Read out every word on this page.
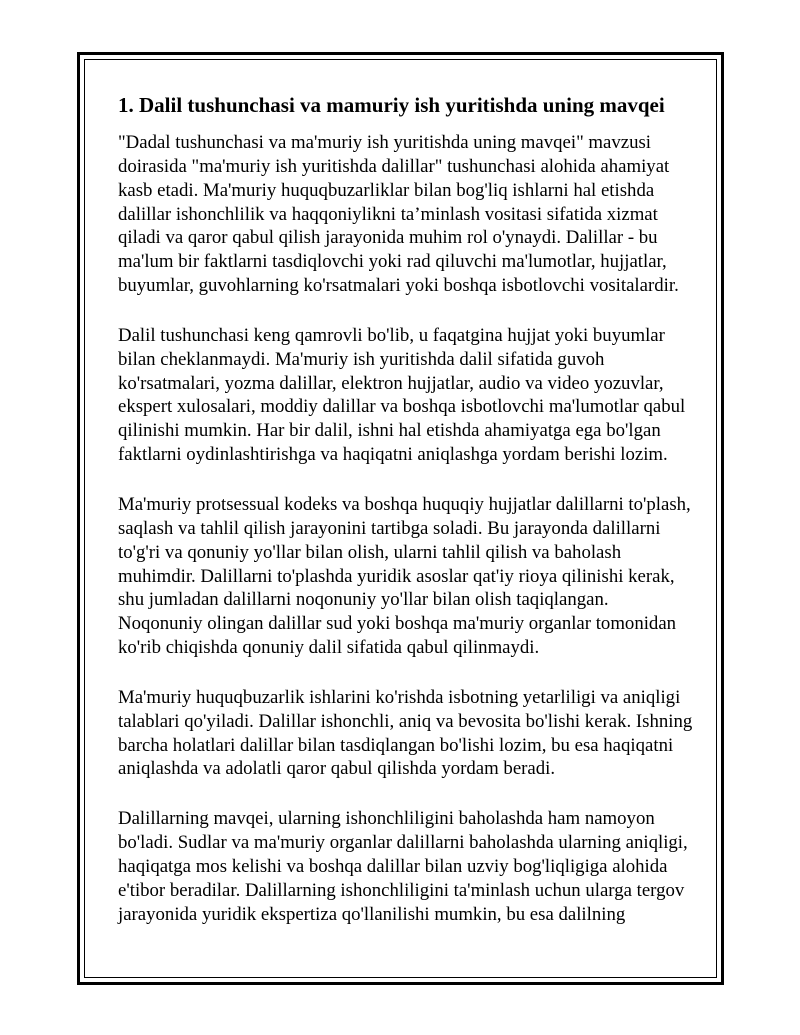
1. Dalil tushunchasi va mamuriy ish yuritishda uning mavqei
"Dadal tushunchasi va ma'muriy ish yuritishda uning mavqei" mavzusi
doirasida "ma'muriy ish yuritishda dalillar" tushunchasi alohida ahamiyat
kasb etadi. Ma'muriy huquqbuzarliklar bilan bog'liq ishlarni hal etishda
dalillar ishonchlilik va haqqoniylikni ta’minlash vositasi sifatida xizmat
qiladi va qaror qabul qilish jarayonida muhim rol o'ynaydi. Dalillar - bu
ma'lum bir faktlarni tasdiqlovchi yoki rad qiluvchi ma'lumotlar, hujjatlar,
buyumlar, guvohlarning ko'rsatmalari yoki boshqa isbotlovchi vositalardir.
Dalil tushunchasi keng qamrovli bo'lib, u faqatgina hujjat yoki buyumlar
bilan cheklanmaydi. Ma'muriy ish yuritishda dalil sifatida guvoh
ko'rsatmalari, yozma dalillar, elektron hujjatlar, audio va video yozuvlar,
ekspert xulosalari, moddiy dalillar va boshqa isbotlovchi ma'lumotlar qabul
qilinishi mumkin. Har bir dalil, ishni hal etishda ahamiyatga ega bo'lgan
faktlarni oydinlashtirishga va haqiqatni aniqlashga yordam berishi lozim.
Ma'muriy protsessual kodeks va boshqa huquqiy hujjatlar dalillarni to'plash,
saqlash va tahlil qilish jarayonini tartibga soladi. Bu jarayonda dalillarni
to'g'ri va qonuniy yo'llar bilan olish, ularni tahlil qilish va baholash
muhimdir. Dalillarni to'plashda yuridik asoslar qat'iy rioya qilinishi kerak,
shu jumladan dalillarni noqonuniy yo'llar bilan olish taqiqlangan.
Noqonuniy olingan dalillar sud yoki boshqa ma'muriy organlar tomonidan
ko'rib chiqishda qonuniy dalil sifatida qabul qilinmaydi.
Ma'muriy huquqbuzarlik ishlarini ko'rishda isbotning yetarliligi va aniqligi
talablari qo'yiladi. Dalillar ishonchli, aniq va bevosita bo'lishi kerak. Ishning
barcha holatlari dalillar bilan tasdiqlangan bo'lishi lozim, bu esa haqiqatni
aniqlashda va adolatli qaror qabul qilishda yordam beradi.
Dalillarning mavqei, ularning ishonchliligini baholashda ham namoyon
bo'ladi. Sudlar va ma'muriy organlar dalillarni baholashda ularning aniqligi,
haqiqatga mos kelishi va boshqa dalillar bilan uzviy bog'liqligiga alohida
e'tibor beradilar. Dalillarning ishonchliligini ta'minlash uchun ularga tergov
jarayonida yuridik ekspertiza qo'llanilishi mumkin, bu esa dalilning
